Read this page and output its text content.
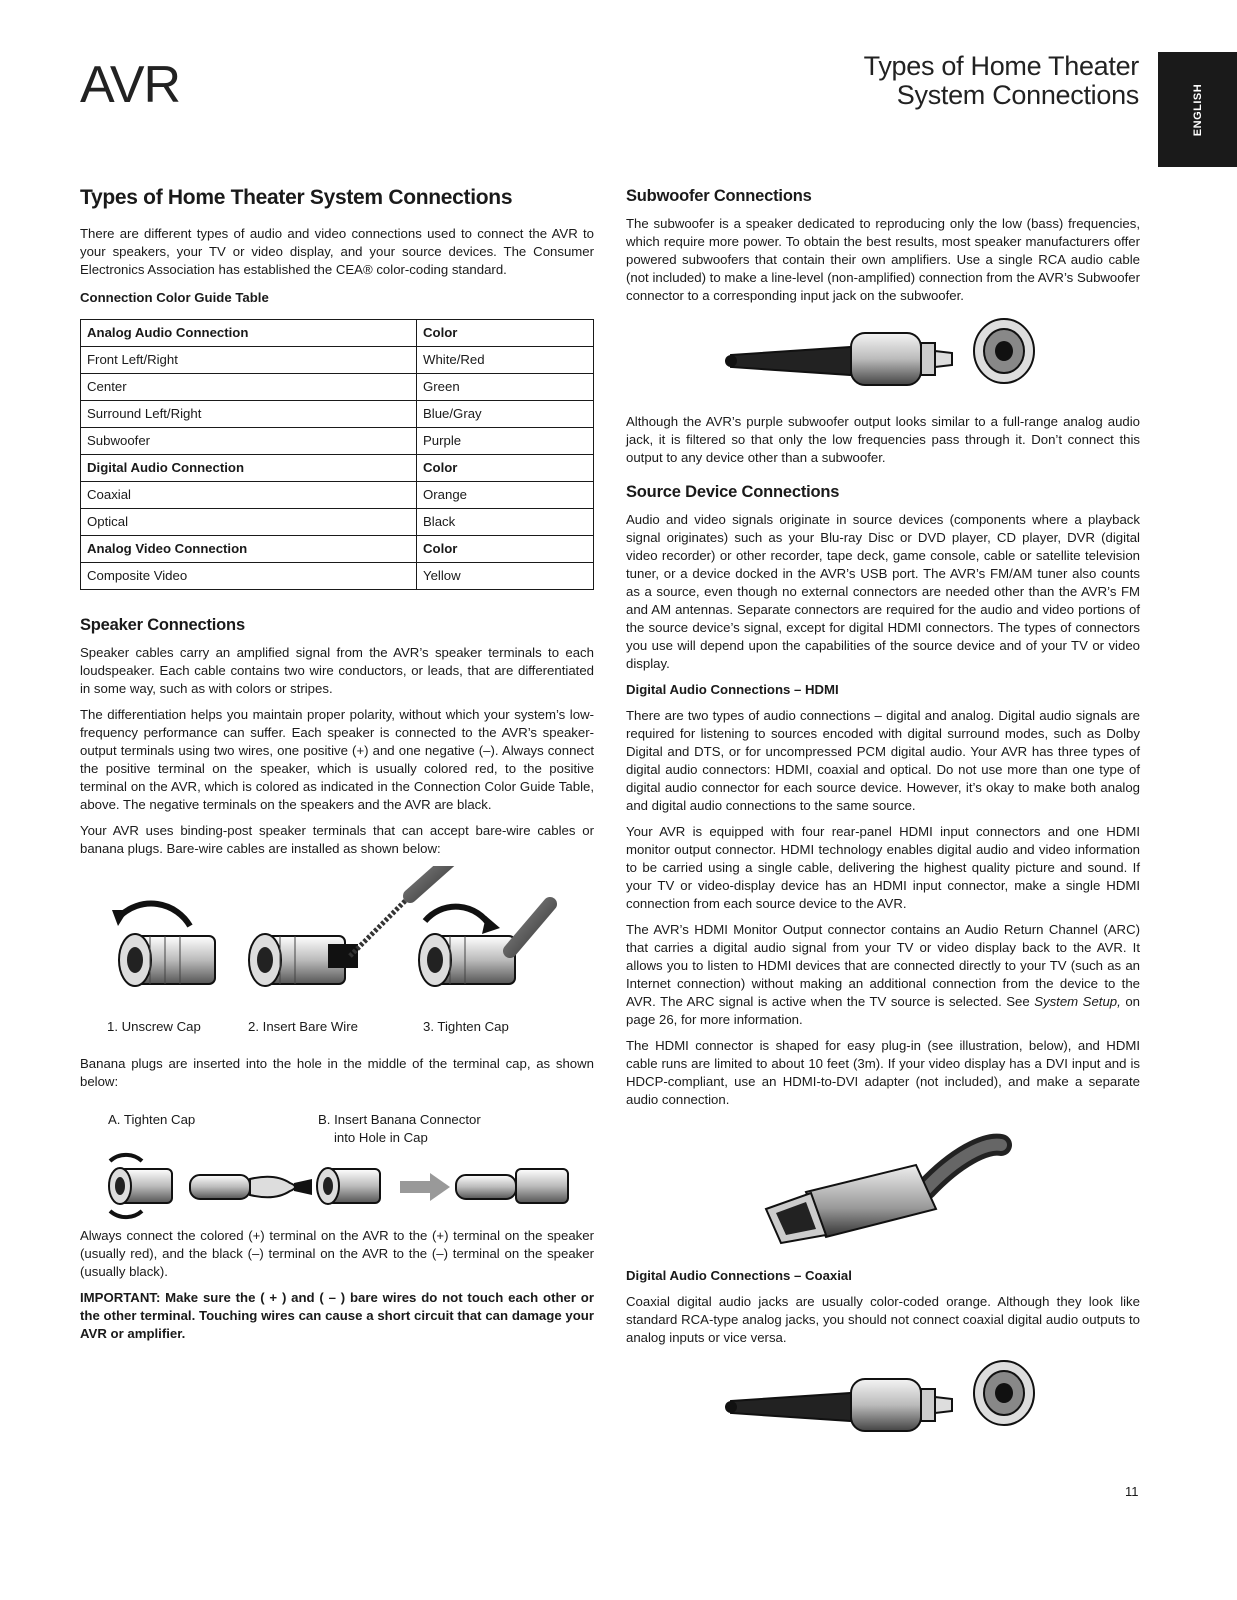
AVR	Types of Home Theater
System Connections	ENGLISH
Types of Home Theater System Connections

There are different types of audio and video connections used to connect the AVR to your speakers, your TV or video display, and your source devices. The Consumer Electronics Association has established the CEA® color-coding standard.

Connection Color Guide Table
Analog Audio Connection	Color
Front Left/Right	White/Red
Center	Green
Surround Left/Right	Blue/Gray
Subwoofer	Purple
Digital Audio Connection	Color
Coaxial	Orange
Optical	Black
Analog Video Connection	Color
Composite Video	Yellow
Speaker Connections

Speaker cables carry an amplified signal from the AVR’s speaker terminals to each loudspeaker. Each cable contains two wire conductors, or leads, that are differentiated in some way, such as with colors or stripes.

The differentiation helps you maintain proper polarity, without which your system’s low-frequency performance can suffer. Each speaker is connected to the AVR’s speaker-output terminals using two wires, one positive (+) and one negative (–). Always connect the positive terminal on the speaker, which is usually colored red, to the positive terminal on the AVR, which is colored as indicated in the Connection Color Guide Table, above. The negative terminals on the speakers and the AVR are black.

Your AVR uses binding-post speaker terminals that can accept bare-wire cables or banana plugs. Bare-wire cables are installed as shown below:

1. Unscrew Cap	2. Insert Bare Wire	3. Tighten Cap

Banana plugs are inserted into the hole in the middle of the terminal cap, as shown below:

A. Tighten Cap	B. Insert Banana Connector
into Hole in Cap

Always connect the colored (+) terminal on the AVR to the (+) terminal on the speaker (usually red), and the black (–) terminal on the AVR to the (–) terminal on the speaker (usually black).

IMPORTANT: Make sure the ( + ) and ( – ) bare wires do not touch each other or the other terminal. Touching wires can cause a short circuit that can damage your AVR or amplifier.

Subwoofer Connections

The subwoofer is a speaker dedicated to reproducing only the low (bass) frequencies, which require more power. To obtain the best results, most speaker manufacturers offer powered subwoofers that contain their own amplifiers. Use a single RCA audio cable (not included) to make a line-level (non-amplified) connection from the AVR’s Subwoofer connector to a corresponding input jack on the subwoofer.

Although the AVR’s purple subwoofer output looks similar to a full-range analog audio jack, it is filtered so that only the low frequencies pass through it. Don’t connect this output to any device other than a subwoofer.

Source Device Connections

Audio and video signals originate in source devices (components where a playback signal originates) such as your Blu-ray Disc or DVD player, CD player, DVR (digital video recorder) or other recorder, tape deck, game console, cable or satellite television tuner, or a device docked in the AVR’s USB port. The AVR’s FM/AM tuner also counts as a source, even though no external connectors are needed other than the AVR’s FM and AM antennas. Separate connectors are required for the audio and video portions of the source device’s signal, except for digital HDMI connectors. The types of connectors you use will depend upon the capabilities of the source device and of your TV or video display.

Digital Audio Connections – HDMI

There are two types of audio connections – digital and analog. Digital audio signals are required for listening to sources encoded with digital surround modes, such as Dolby Digital and DTS, or for uncompressed PCM digital audio. Your AVR has three types of digital audio connectors: HDMI, coaxial and optical. Do not use more than one type of digital audio connector for each source device. However, it’s okay to make both analog and digital audio connections to the same source.

Your AVR is equipped with four rear-panel HDMI input connectors and one HDMI monitor output connector. HDMI technology enables digital audio and video information to be carried using a single cable, delivering the highest quality picture and sound. If your TV or video-display device has an HDMI input connector, make a single HDMI connection from each source device to the AVR.

The AVR’s HDMI Monitor Output connector contains an Audio Return Channel (ARC) that carries a digital audio signal from your TV or video display back to the AVR. It allows you to listen to HDMI devices that are connected directly to your TV (such as an Internet connection) without making an additional connection from the device to the AVR. The ARC signal is active when the TV source is selected. See System Setup, on page 26, for more information.

The HDMI connector is shaped for easy plug-in (see illustration, below), and HDMI cable runs are limited to about 10 feet (3m). If your video display has a DVI input and is HDCP-compliant, use an HDMI-to-DVI adapter (not included), and make a separate audio connection.

Digital Audio Connections – Coaxial

Coaxial digital audio jacks are usually color-coded orange. Although they look like standard RCA-type analog jacks, you should not connect coaxial digital audio outputs to analog inputs or vice versa.

11
